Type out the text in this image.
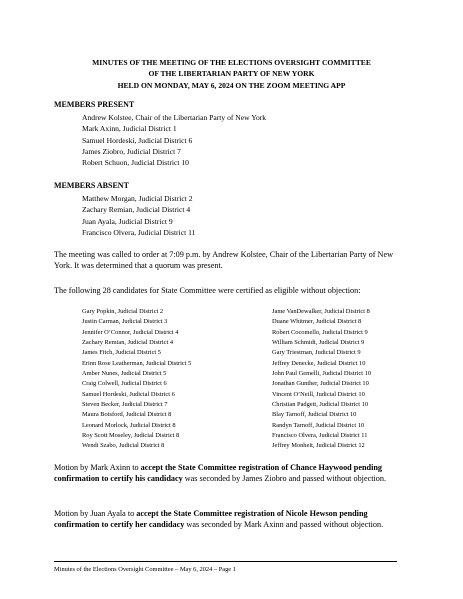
MINUTES OF THE MEETING OF THE ELECTIONS OVERSIGHT COMMITTEE
OF THE LIBERTARIAN PARTY OF NEW YORK
HELD ON MONDAY, MAY 6, 2024 ON THE ZOOM MEETING APP
MEMBERS PRESENT
Andrew Kolstee, Chair of the Libertarian Party of New York
Mark Axinn, Judicial District 1
Samuel Hordeski, Judicial District 6
James Ziobro, Judicial District 7
Robert Schuon, Judicial District 10
MEMBERS ABSENT
Matthew Morgan, Judicial District 2
Zachary Remian, Judicial District 4
Juan Ayala, Judicial District 9
Francisco Olvera, Judicial District 11
The meeting was called to order at 7:09 p.m. by Andrew Kolstee, Chair of the Libertarian Party of New York. It was determined that a quorum was present.
The following 28 candidates for State Committee were certified as eligible without objection:
Gary Popkin, Judicial District 2
Justin Carman, Judicial District 3
Jennifer O’Connor, Judicial District 4
Zachary Remian, Judicial District 4
James Fitch, Judicial District 5
Erinn Rose Leatherman, Judicial District 5
Amber Nunes, Judicial District 5
Craig Colwell, Judicial District 6
Samuel Hordeski, Judicial District 6
Steven Becker, Judicial District 7
Maura Botsford, Judicial District 8
Leonard Morlock, Judicial District 8
Roy Scott Moseley, Judicial District 8
Wendi Szabo, Judicial District 8
Jame VanDewalker, Judicial District 8
Duane Whitmer, Judicial District 8
Robert Cocomello, Judicial District 9
William Schmidt, Judicial District 9
Gary Triestman, Judicial District 9
Jeffrey Denecke, Judicial District 10
John Paul Gemelli, Judicial District 10
Jonathan Gunther, Judicial District 10
Vincent O’Neill, Judicial District 10
Christian Padgett, Judicial District 10
Blay Tarnoff, Judicial District 10
Randyn Tarnoff, Judicial District 10
Francisco Olvera, Judicial District 11
Jeffrey Monheit, Judicial District 12
Motion by Mark Axinn to accept the State Committee registration of Chance Haywood pending confirmation to certify his candidacy was seconded by James Ziobro and passed without objection.
Motion by Juan Ayala to accept the State Committee registration of Nicole Hewson pending confirmation to certify her candidacy was seconded by Mark Axinn and passed without objection.
Minutes of the Elections Oversight Committee – May 6, 2024 – Page 1
